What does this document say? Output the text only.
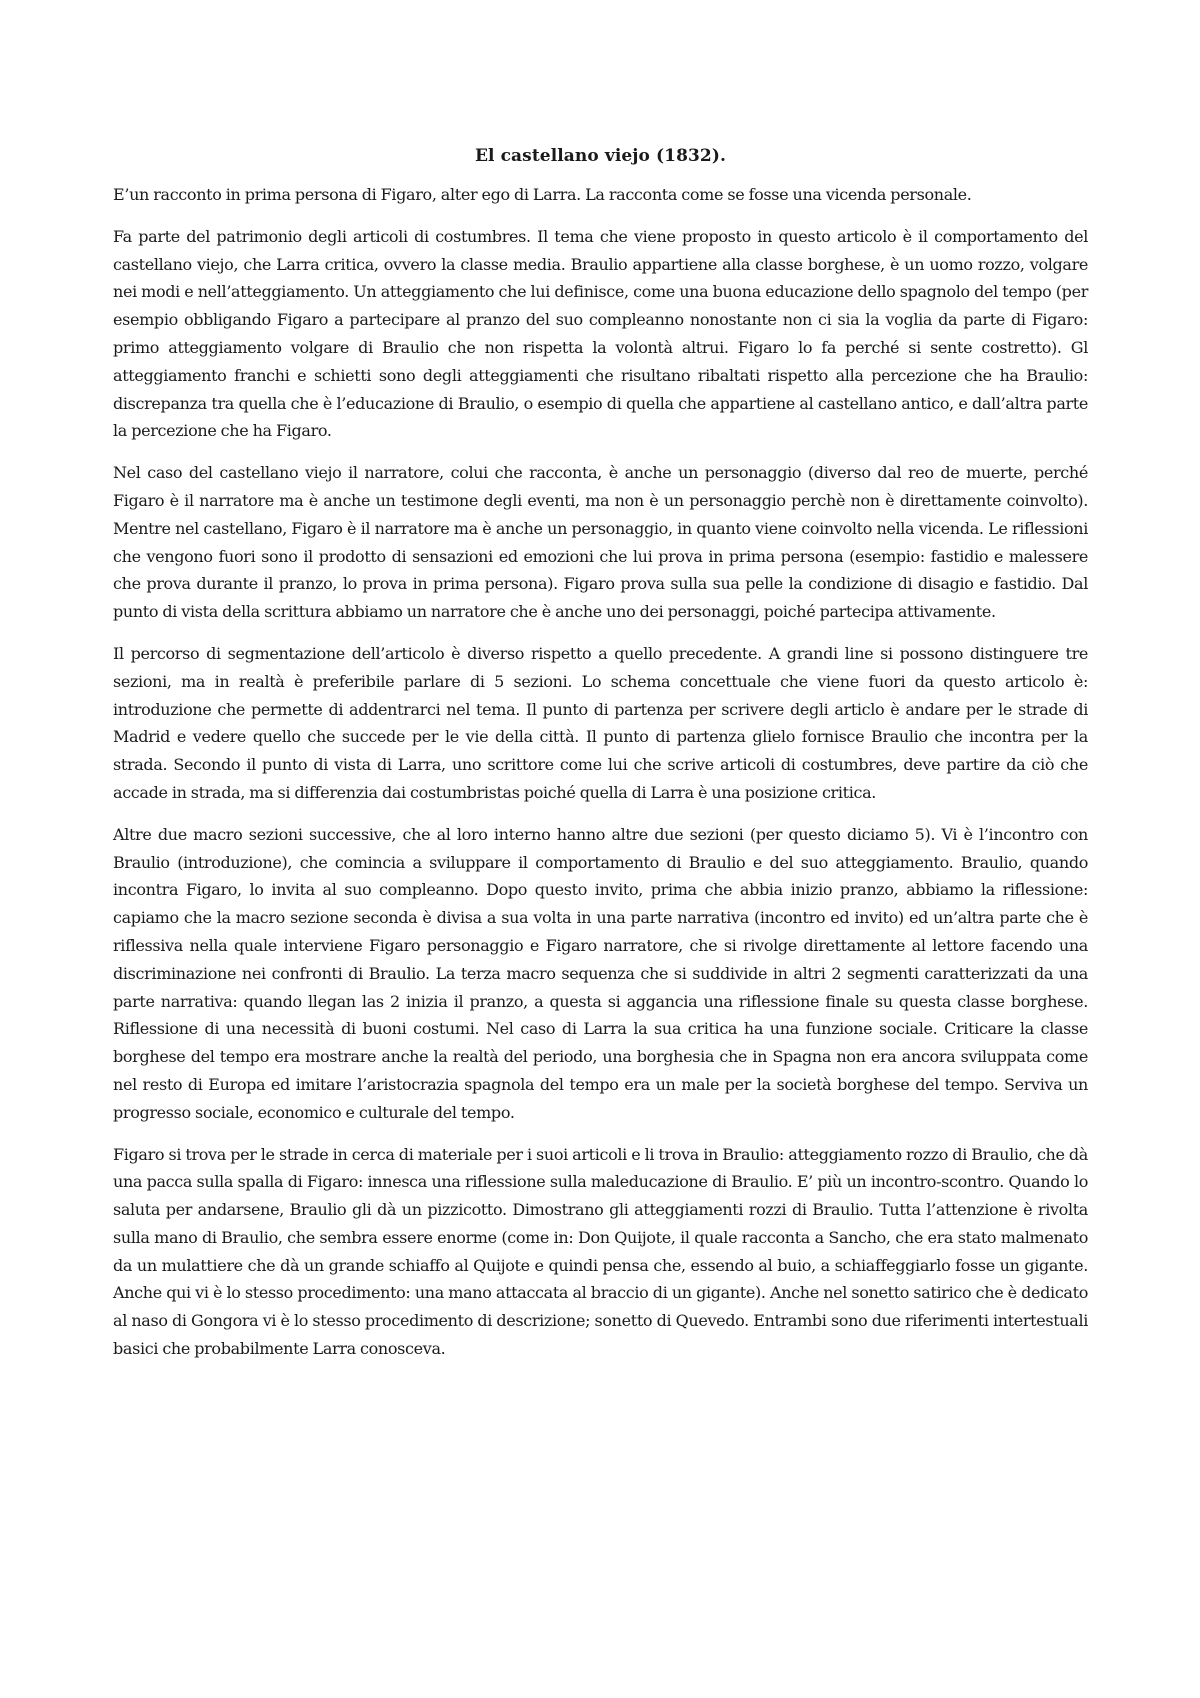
El castellano viejo (1832).

E’un racconto in prima persona di Figaro, alter ego di Larra. La racconta come se fosse una vicenda personale.

Fa parte del patrimonio degli articoli di costumbres. Il tema che viene proposto in questo articolo è il comportamento del castellano viejo, che Larra critica, ovvero la classe media. Braulio appartiene alla classe borghese, è un uomo rozzo, volgare nei modi e nell’atteggiamento. Un atteggiamento che lui definisce, come una buona educazione dello spagnolo del tempo (per esempio obbligando Figaro a partecipare al pranzo del suo compleanno nonostante non ci sia la voglia da parte di Figaro: primo atteggiamento volgare di Braulio che non rispetta la volontà altrui. Figaro lo fa perché si sente costretto). Gl atteggiamento franchi e schietti sono degli atteggiamenti che risultano ribaltati rispetto alla percezione che ha Braulio: discrepanza tra quella che è l’educazione di Braulio, o esempio di quella che appartiene al castellano antico, e dall’altra parte la percezione che ha Figaro.

Nel caso del castellano viejo il narratore, colui che racconta, è anche un personaggio (diverso dal reo de muerte, perché Figaro è il narratore ma è anche un testimone degli eventi, ma non è un personaggio perchè non è direttamente coinvolto). Mentre nel castellano, Figaro è il narratore ma è anche un personaggio, in quanto viene coinvolto nella vicenda. Le riflessioni che vengono fuori sono il prodotto di sensazioni ed emozioni che lui prova in prima persona (esempio: fastidio e malessere che prova durante il pranzo, lo prova in prima persona). Figaro prova sulla sua pelle la condizione di disagio e fastidio. Dal punto di vista della scrittura abbiamo un narratore che è anche uno dei personaggi, poiché partecipa attivamente.

Il percorso di segmentazione dell’articolo è diverso rispetto a quello precedente. A grandi line si possono distinguere tre sezioni, ma in realtà è preferibile parlare di 5 sezioni. Lo schema concettuale che viene fuori da questo articolo è: introduzione che permette di addentrarci nel tema. Il punto di partenza per scrivere degli articlo è andare per le strade di Madrid e vedere quello che succede per le vie della città. Il punto di partenza glielo fornisce Braulio che incontra per la strada. Secondo il punto di vista di Larra, uno scrittore come lui che scrive articoli di costumbres, deve partire da ciò che accade in strada, ma si differenzia dai costumbristas poiché quella di Larra è una posizione critica.

Altre due macro sezioni successive, che al loro interno hanno altre due sezioni (per questo diciamo 5). Vi è l’incontro con Braulio (introduzione), che comincia a sviluppare il comportamento di Braulio e del suo atteggiamento. Braulio, quando incontra Figaro, lo invita al suo compleanno. Dopo questo invito, prima che abbia inizio pranzo, abbiamo la riflessione: capiamo che la macro sezione seconda è divisa a sua volta in una parte narrativa (incontro ed invito) ed un’altra parte che è riflessiva nella quale interviene Figaro personaggio e Figaro narratore, che si rivolge direttamente al lettore facendo una discriminazione nei confronti di Braulio. La terza macro sequenza che si suddivide in altri 2 segmenti caratterizzati da una parte narrativa: quando llegan las 2 inizia il pranzo, a questa si aggancia una riflessione finale su questa classe borghese. Riflessione di una necessità di buoni costumi. Nel caso di Larra la sua critica ha una funzione sociale. Criticare la classe borghese del tempo era mostrare anche la realtà del periodo, una borghesia che in Spagna non era ancora sviluppata come nel resto di Europa ed imitare l’aristocrazia spagnola del tempo era un male per la società borghese del tempo. Serviva un progresso sociale, economico e culturale del tempo.

Figaro si trova per le strade in cerca di materiale per i suoi articoli e li trova in Braulio: atteggiamento rozzo di Braulio, che dà una pacca sulla spalla di Figaro: innesca una riflessione sulla maleducazione di Braulio. E’ più un incontro-scontro. Quando lo saluta per andarsene, Braulio gli dà un pizzicotto. Dimostrano gli atteggiamenti rozzi di Braulio. Tutta l’attenzione è rivolta sulla mano di Braulio, che sembra essere enorme (come in: Don Quijote, il quale racconta a Sancho, che era stato malmenato da un mulattiere che dà un grande schiaffo al Quijote e quindi pensa che, essendo al buio, a schiaffeggiarlo fosse un gigante. Anche qui vi è lo stesso procedimento: una mano attaccata al braccio di un gigante). Anche nel sonetto satirico che è dedicato al naso di Gongora vi è lo stesso procedimento di descrizione; sonetto di Quevedo. Entrambi sono due riferimenti intertestuali basici che probabilmente Larra conosceva.
